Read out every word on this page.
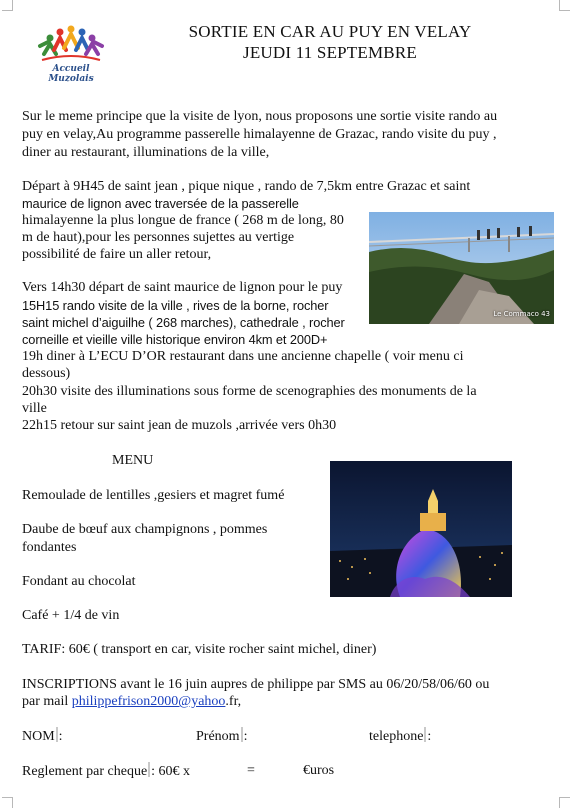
Accueil Muzolais
SORTIE EN CAR AU PUY EN VELAY
JEUDI 11 SEPTEMBRE
Sur le meme principe que la visite de lyon, nous proposons une sortie visite rando au
puy en velay,Au programme passerelle himalayenne de Grazac, rando visite du puy ,
diner au restaurant, illuminations de la ville,
Départ à 9H45 de saint jean , pique nique , rando de 7,5km entre Grazac et saint
maurice de lignon avec traversée de la passerelle
himalayenne la plus longue de france ( 268 m de long, 80
m de haut),pour les personnes sujettes au vertige
possibilité de faire un aller retour,
Vers 14h30 départ de saint maurice de lignon pour le puy
15H15 rando visite de la ville , rives de la borne, rocher
saint michel d’aiguilhe ( 268 marches), cathedrale , rocher
corneille et vieille ville historique environ 4km et 200D+
19h diner à L’ECU D’OR restaurant dans une ancienne chapelle ( voir menu ci
dessous)
20h30 visite des illuminations sous forme de scenographies des monuments de la
ville
22h15 retour sur saint jean de muzols ,arrivée vers 0h30
Le Commaco 43
MENU
Remoulade de lentilles ,gesiers et magret fumé
Daube de bœuf aux champignons , pommes
fondantes
Fondant au chocolat
Café + 1/4 de vin
TARIF: 60€ ( transport en car, visite rocher saint michel, diner)
INSCRIPTIONS avant le 16 juin aupres de philippe par SMS au 06/20/58/06/60 ou
par mail philippefrison2000@yahoo.fr,
NOM :	Prénom :	telephone :
Reglement par cheque : 60€ x	=	€uros
